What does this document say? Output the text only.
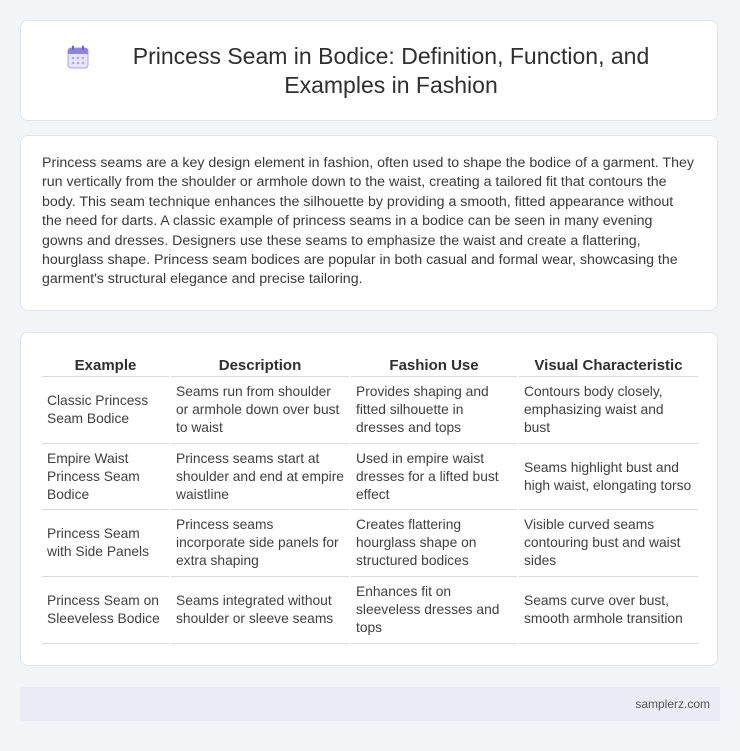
Princess Seam in Bodice: Definition, Function, and Examples in Fashion

Princess seams are a key design element in fashion, often used to shape the bodice of a garment. They run vertically from the shoulder or armhole down to the waist, creating a tailored fit that contours the body. This seam technique enhances the silhouette by providing a smooth, fitted appearance without the need for darts. A classic example of princess seams in a bodice can be seen in many evening gowns and dresses. Designers use these seams to emphasize the waist and create a flattering, hourglass shape. Princess seam bodices are popular in both casual and formal wear, showcasing the garment's structural elegance and precise tailoring.

Example	Description	Fashion Use	Visual Characteristic
Classic Princess Seam Bodice	Seams run from shoulder or armhole down over bust to waist	Provides shaping and fitted silhouette in dresses and tops	Contours body closely, emphasizing waist and bust
Empire Waist Princess Seam Bodice	Princess seams start at shoulder and end at empire waistline	Used in empire waist dresses for a lifted bust effect	Seams highlight bust and high waist, elongating torso
Princess Seam with Side Panels	Princess seams incorporate side panels for extra shaping	Creates flattering hourglass shape on structured bodices	Visible curved seams contouring bust and waist sides
Princess Seam on Sleeveless Bodice	Seams integrated without shoulder or sleeve seams	Enhances fit on sleeveless dresses and tops	Seams curve over bust, smooth armhole transition
samplerz.com
